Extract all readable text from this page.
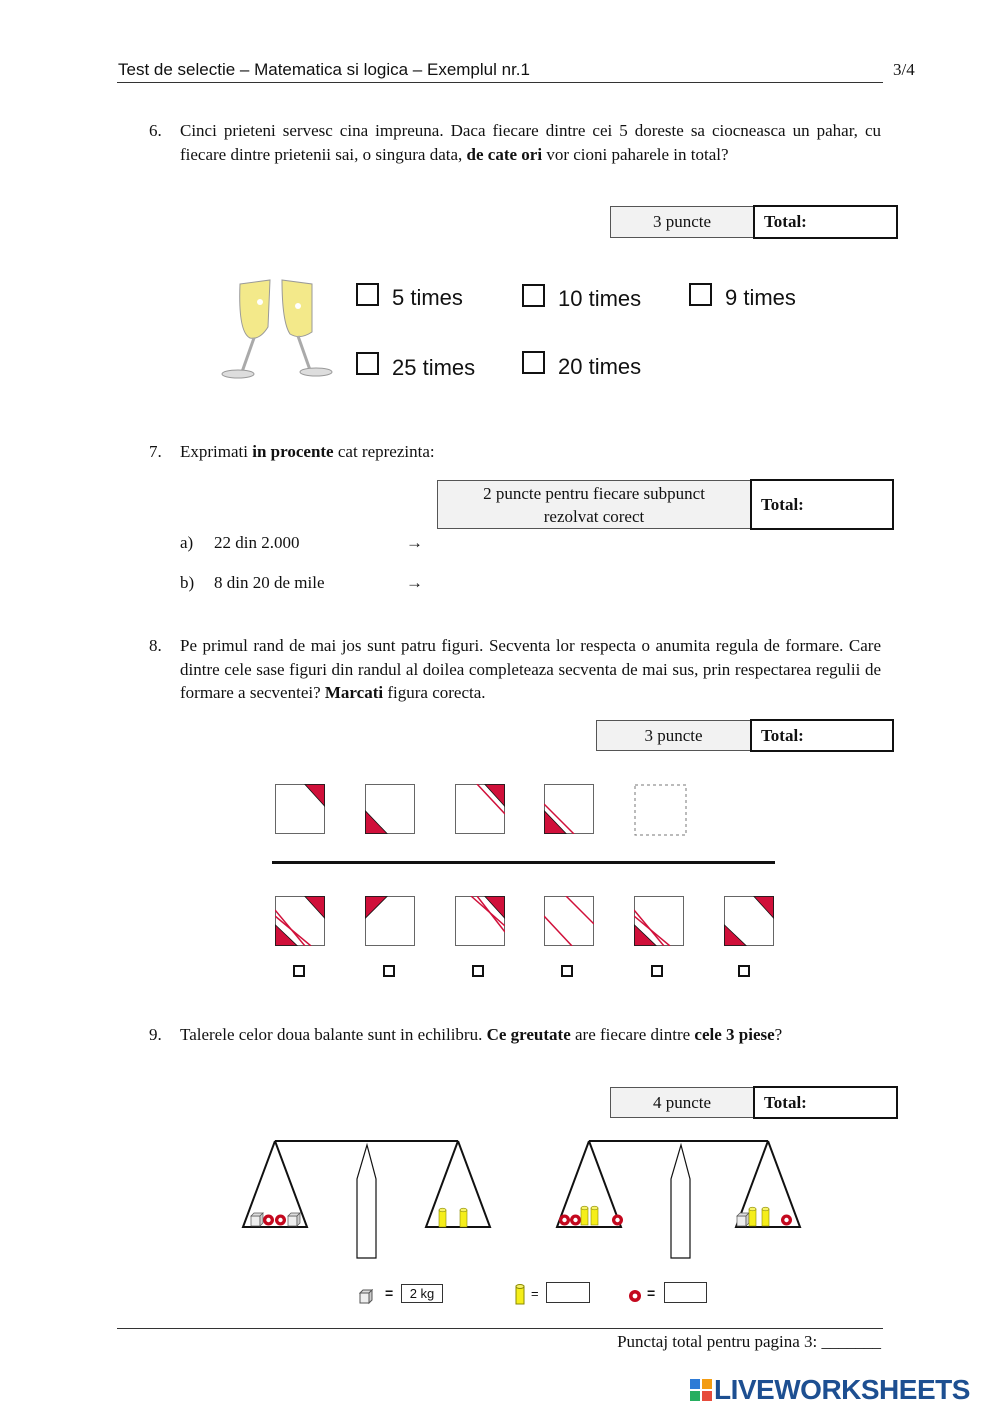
Test de selectie – Matematica si logica – Exemplul nr.1	3/4
6. Cinci prieteni servesc cina impreuna. Daca fiecare dintre cei 5 doreste sa ciocneasca un pahar, cu fiecare dintre prietenii sai, o singura data, de cate ori vor cioni paharele in total?
3 puncte	Total:
5 times	10 times	9 times
25 times	20 times
7. Exprimati in procente cat reprezinta:
2 puncte pentru fiecare subpunct rezolvat corect
Total:
a) 22 din 2.000	→
b) 8 din 20 de mile	→
8. Pe primul rand de mai jos sunt patru figuri. Secventa lor respecta o anumita regula de formare. Care dintre cele sase figuri din randul al doilea completeaza secventa de mai sus, prin respectarea regulii de formare a secventei? Marcati figura corecta.
3 puncte	Total:
9. Talerele celor doua balante sunt in echilibru. Ce greutate are fiecare dintre cele 3 piese?
4 puncte	Total:
=	2 kg	=	=
Punctaj total pentru pagina 3: _______
LIVEWORKSHEETS
